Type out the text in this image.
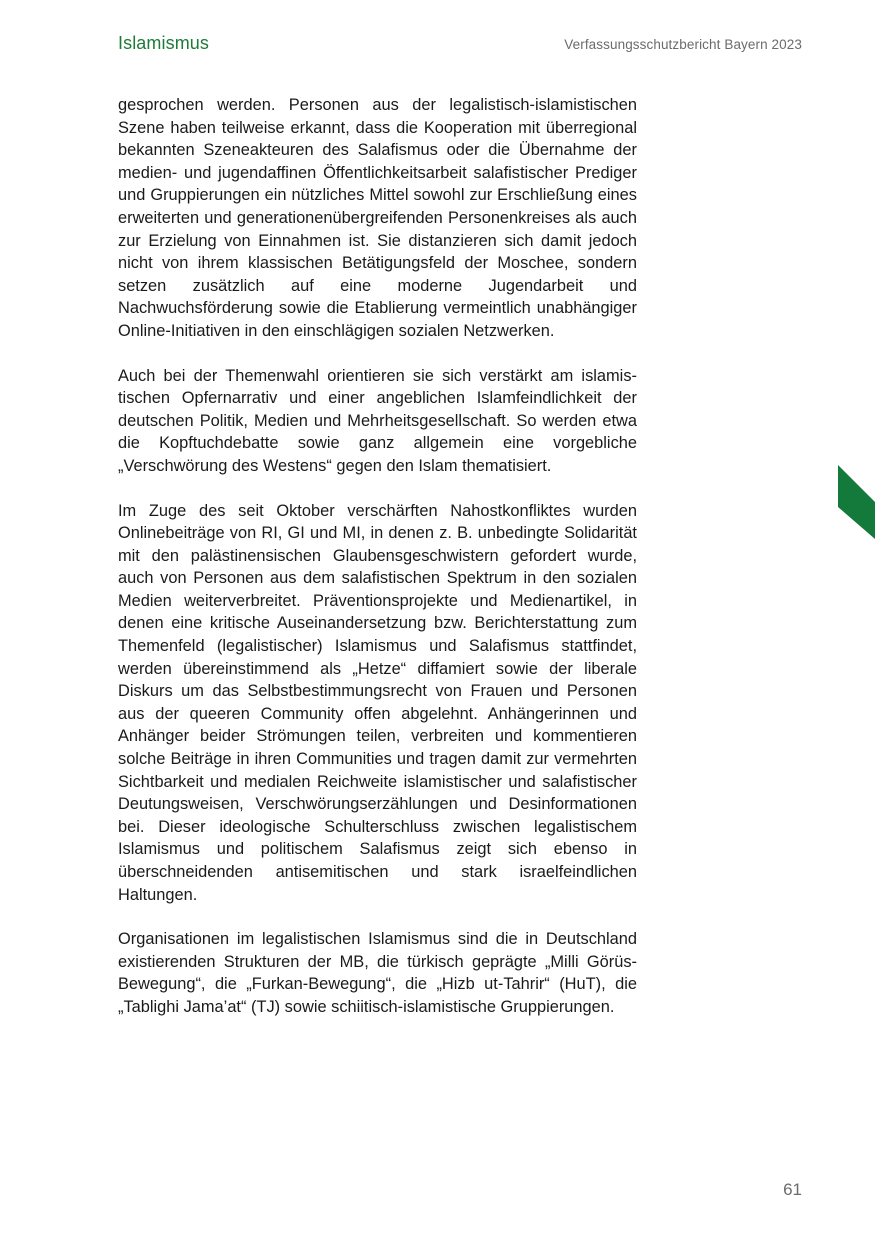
Islamismus	Verfassungsschutzbericht Bayern 2023

gesprochen werden. Personen aus der legalistisch-islamistischen Szene haben teilweise erkannt, dass die Kooperation mit überregional bekannten Szeneakteuren des Salafismus oder die Übernahme der medien- und jugendaffinen Öffentlichkeitsarbeit salafistischer Prediger und Gruppierungen ein nützliches Mittel sowohl zur Erschließung eines erweiterten und generationenübergreifenden Personenkreises als auch zur Erzielung von Einnahmen ist. Sie distanzieren sich damit jedoch nicht von ihrem klassischen Betätigungsfeld der Moschee, sondern setzen zusätzlich auf eine moderne Jugendarbeit und Nachwuchsförderung sowie die Etablierung vermeintlich unabhängiger Online-Initiativen in den einschlägigen sozialen Netzwerken.

Auch bei der Themenwahl orientieren sie sich verstärkt am islamistischen Opfernarrativ und einer angeblichen Islamfeindlichkeit der deutschen Politik, Medien und Mehrheitsgesellschaft. So werden etwa die Kopftuchdebatte sowie ganz allgemein eine vorgebliche „Verschwörung des Westens“ gegen den Islam thematisiert.

Im Zuge des seit Oktober verschärften Nahostkonfliktes wurden Onlinebeiträge von RI, GI und MI, in denen z. B. unbedingte Solidarität mit den palästinensischen Glaubensgeschwistern gefordert wurde, auch von Personen aus dem salafistischen Spektrum in den sozialen Medien weiterverbreitet. Präventionsprojekte und Medienartikel, in denen eine kritische Auseinandersetzung bzw. Berichterstattung zum Themenfeld (legalistischer) Islamismus und Salafismus stattfindet, werden übereinstimmend als „Hetze“ diffamiert sowie der liberale Diskurs um das Selbstbestimmungsrecht von Frauen und Personen aus der queeren Community offen abgelehnt. Anhängerinnen und Anhänger beider Strömungen teilen, verbreiten und kommentieren solche Beiträge in ihren Communities und tragen damit zur vermehrten Sichtbarkeit und medialen Reichweite islamistischer und salafistischer Deutungsweisen, Verschwörungserzählungen und Desinformationen bei. Dieser ideologische Schulterschluss zwischen legalistischem Islamismus und politischem Salafismus zeigt sich ebenso in überschneidenden antisemitischen und stark israelfeindlichen Haltungen.

Organisationen im legalistischen Islamismus sind die in Deutschland existierenden Strukturen der MB, die türkisch geprägte „Milli Görüs-Bewegung“, die „Furkan-Bewegung“, die „Hizb ut-Tahrir“ (HuT), die „Tablighi Jama’at“ (TJ) sowie schiitisch-islamistische Gruppierungen.

61
